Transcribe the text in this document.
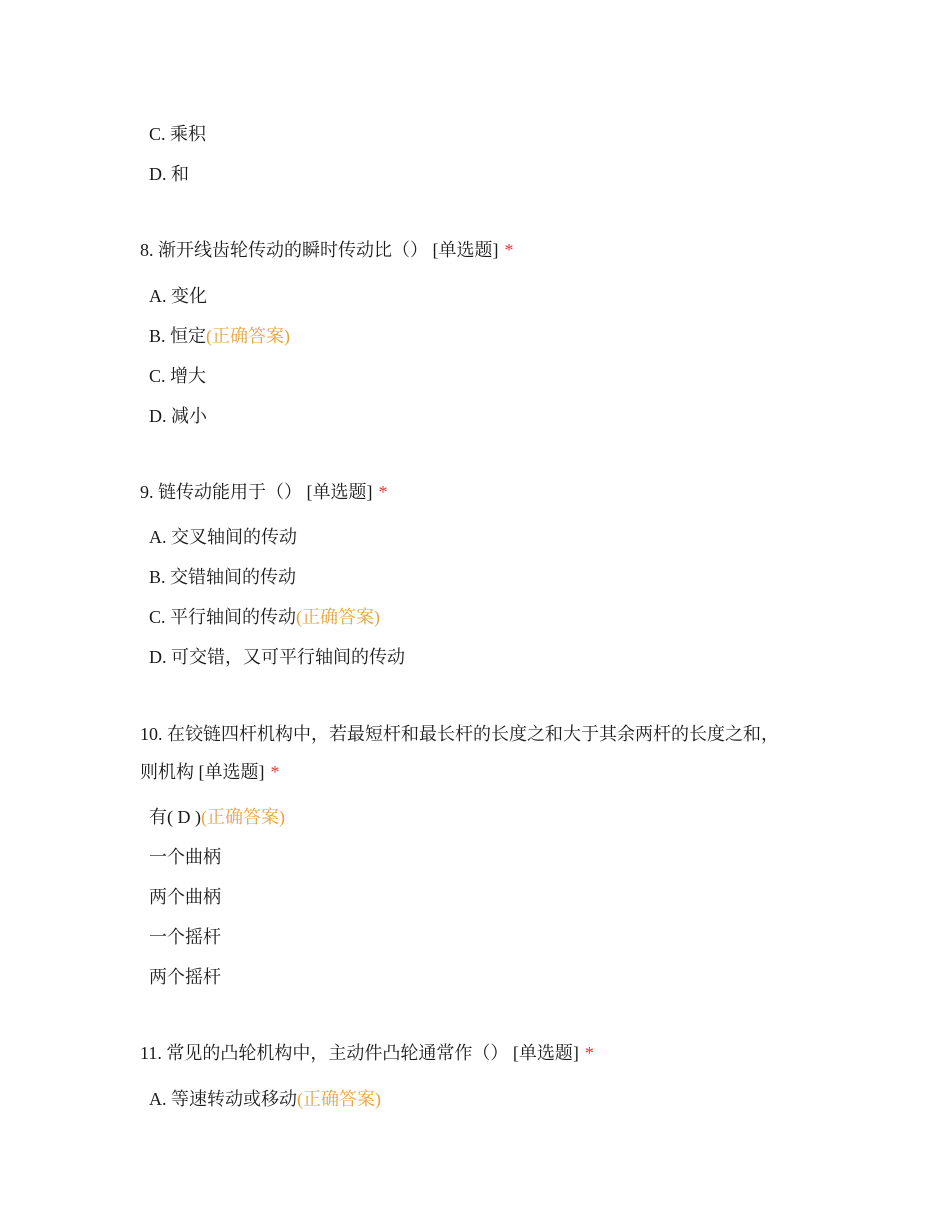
C. 乘积
D. 和
8. 渐开线齿轮传动的瞬时传动比（） [单选题] *
A. 变化
B. 恒定(正确答案)
C. 增大
D. 减小
9. 链传动能用于（） [单选题] *
A. 交叉轴间的传动
B. 交错轴间的传动
C. 平行轴间的传动(正确答案)
D. 可交错，又可平行轴间的传动
10. 在铰链四杆机构中，若最短杆和最长杆的长度之和大于其余两杆的长度之和，
则机构 [单选题] *
有( D )(正确答案)
一个曲柄
两个曲柄
一个摇杆
两个摇杆
11. 常见的凸轮机构中，主动件凸轮通常作（） [单选题] *
A. 等速转动或移动(正确答案)
